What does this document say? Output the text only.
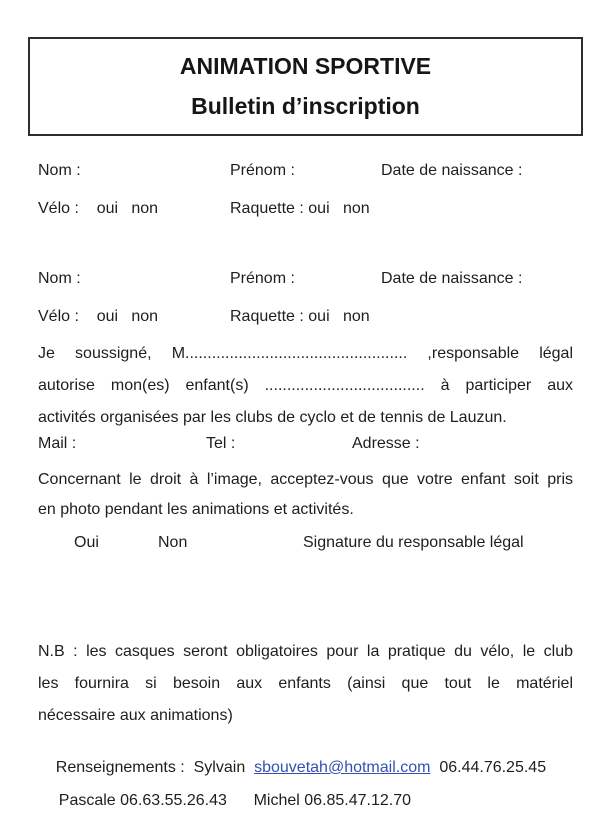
ANIMATION SPORTIVE
Bulletin d’inscription
Nom :	Prénom :	Date de naissance :
Vélo :    oui   non	Raquette : oui   non
Nom :	Prénom :	Date de naissance :
Vélo :    oui   non	Raquette : oui   non
Je soussigné, M.................................................. ,responsable légal
autorise mon(es) enfant(s) .................................... à participer aux
activités organisées par les clubs de cyclo et de tennis de Lauzun.
Mail :	Tel :	Adresse :
Concernant le droit à l’image, acceptez-vous que votre enfant soit pris
en photo pendant les animations et activités.
Oui	Non	Signature du responsable légal
N.B : les casques seront obligatoires pour la pratique du vélo, le club
les fournira si besoin aux enfants (ainsi que tout le matériel
nécessaire aux animations)

Renseignements :  Sylvain  sbouvetah@hotmail.com  06.44.76.25.45

Pascale 06.63.55.26.43      Michel 06.85.47.12.70
